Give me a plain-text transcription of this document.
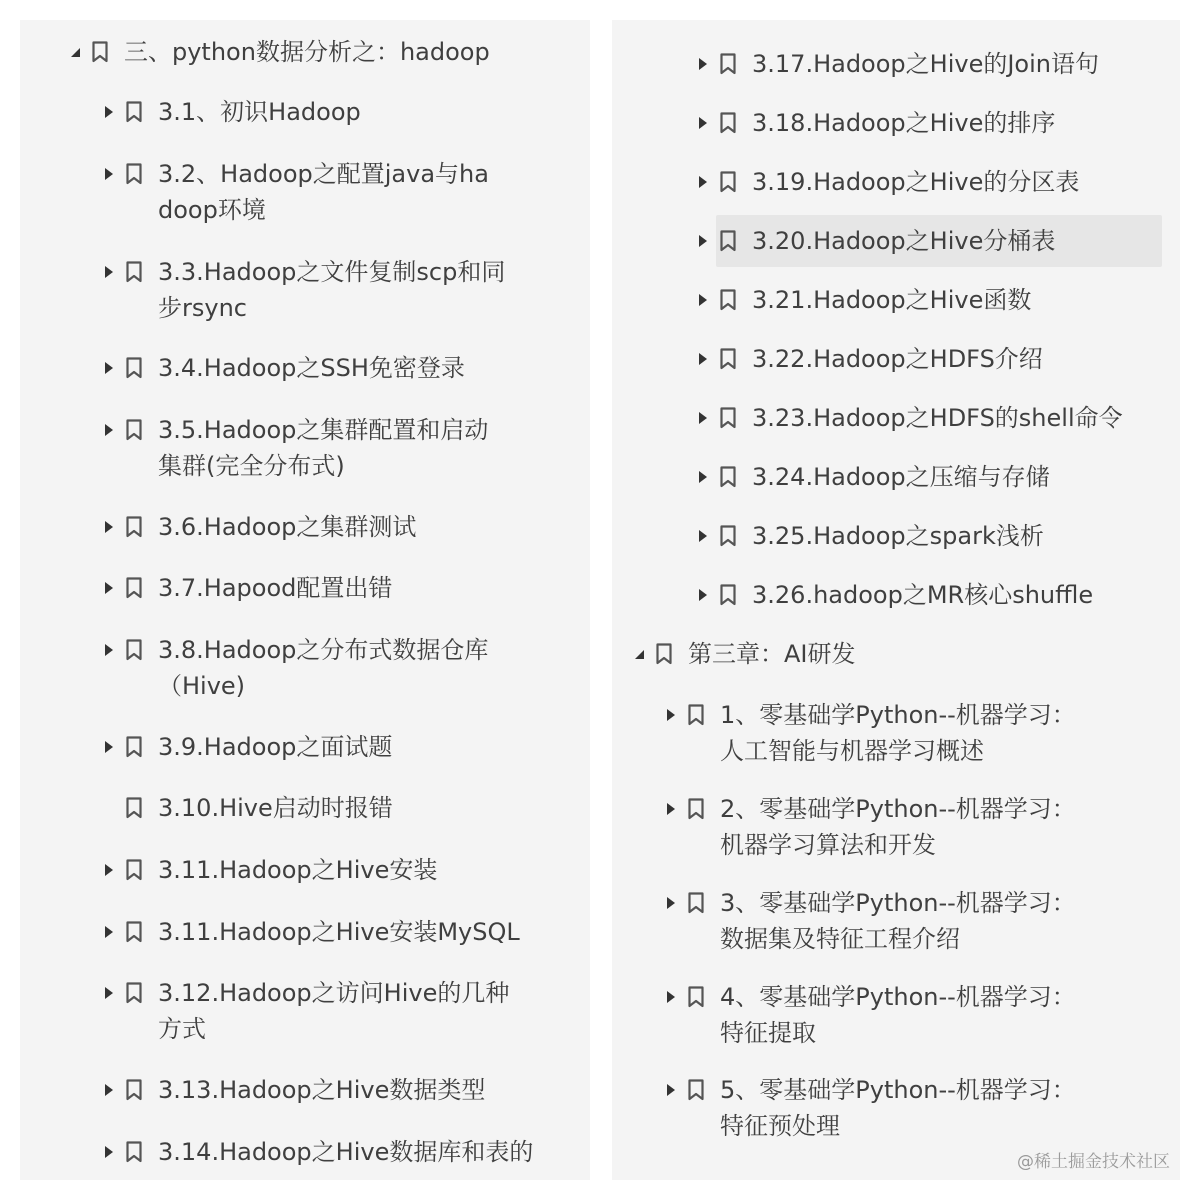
三、python数据分析之：hadoop
3.1、初识Hadoop
3.2、Hadoop之配置java与hadoop环境
3.3.Hadoop之文件复制scp和同步rsync
3.4.Hadoop之SSH免密登录
3.5.Hadoop之集群配置和启动集群(完全分布式)
3.6.Hadoop之集群测试
3.7.Hapood配置出错
3.8.Hadoop之分布式数据仓库（Hive)
3.9.Hadoop之面试题
3.10.Hive启动时报错
3.11.Hadoop之Hive安装
3.11.Hadoop之Hive安装MySQL
3.12.Hadoop之访问Hive的几种方式
3.13.Hadoop之Hive数据类型
3.14.Hadoop之Hive数据库和表的
3.17.Hadoop之Hive的Join语句
3.18.Hadoop之Hive的排序
3.19.Hadoop之Hive的分区表
3.20.Hadoop之Hive分桶表
3.21.Hadoop之Hive函数
3.22.Hadoop之HDFS介绍
3.23.Hadoop之HDFS的shell命令
3.24.Hadoop之压缩与存储
3.25.Hadoop之spark浅析
3.26.hadoop之MR核心shuffle
第三章：AI研发
1、零基础学Python--机器学习：人工智能与机器学习概述
2、零基础学Python--机器学习：机器学习算法和开发
3、零基础学Python--机器学习：数据集及特征工程介绍
4、零基础学Python--机器学习：特征提取
5、零基础学Python--机器学习：特征预处理
@稀土掘金技术社区
